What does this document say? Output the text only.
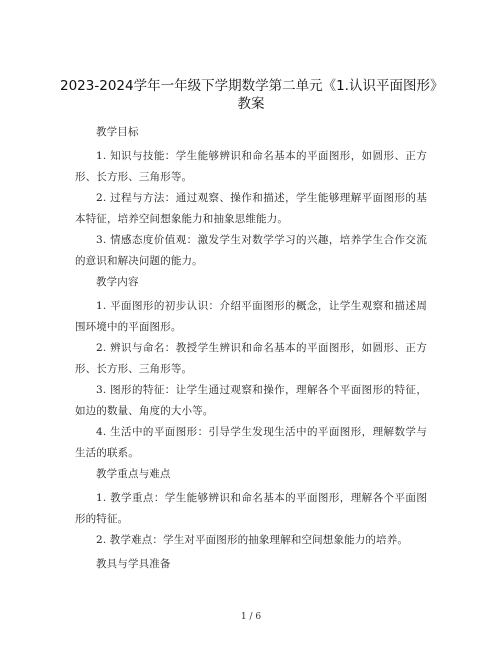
2023-2024学年一年级下学期数学第二单元《1.认识平面图形》
教案
教学目标
1. 知识与技能：学生能够辨识和命名基本的平面图形，如圆形、正方形、长方形、三角形等。
2. 过程与方法：通过观察、操作和描述，学生能够理解平面图形的基本特征，培养空间想象能力和抽象思维能力。
3. 情感态度价值观：激发学生对数学学习的兴趣，培养学生合作交流的意识和解决问题的能力。
教学内容
1. 平面图形的初步认识：介绍平面图形的概念，让学生观察和描述周围环境中的平面图形。
2. 辨识与命名：教授学生辨识和命名基本的平面图形，如圆形、正方形、长方形、三角形等。
3. 图形的特征：让学生通过观察和操作，理解各个平面图形的特征，如边的数量、角度的大小等。
4. 生活中的平面图形：引导学生发现生活中的平面图形，理解数学与生活的联系。
教学重点与难点
1. 教学重点：学生能够辨识和命名基本的平面图形，理解各个平面图形的特征。
2. 教学难点：学生对平面图形的抽象理解和空间想象能力的培养。
教具与学具准备
1 / 6
